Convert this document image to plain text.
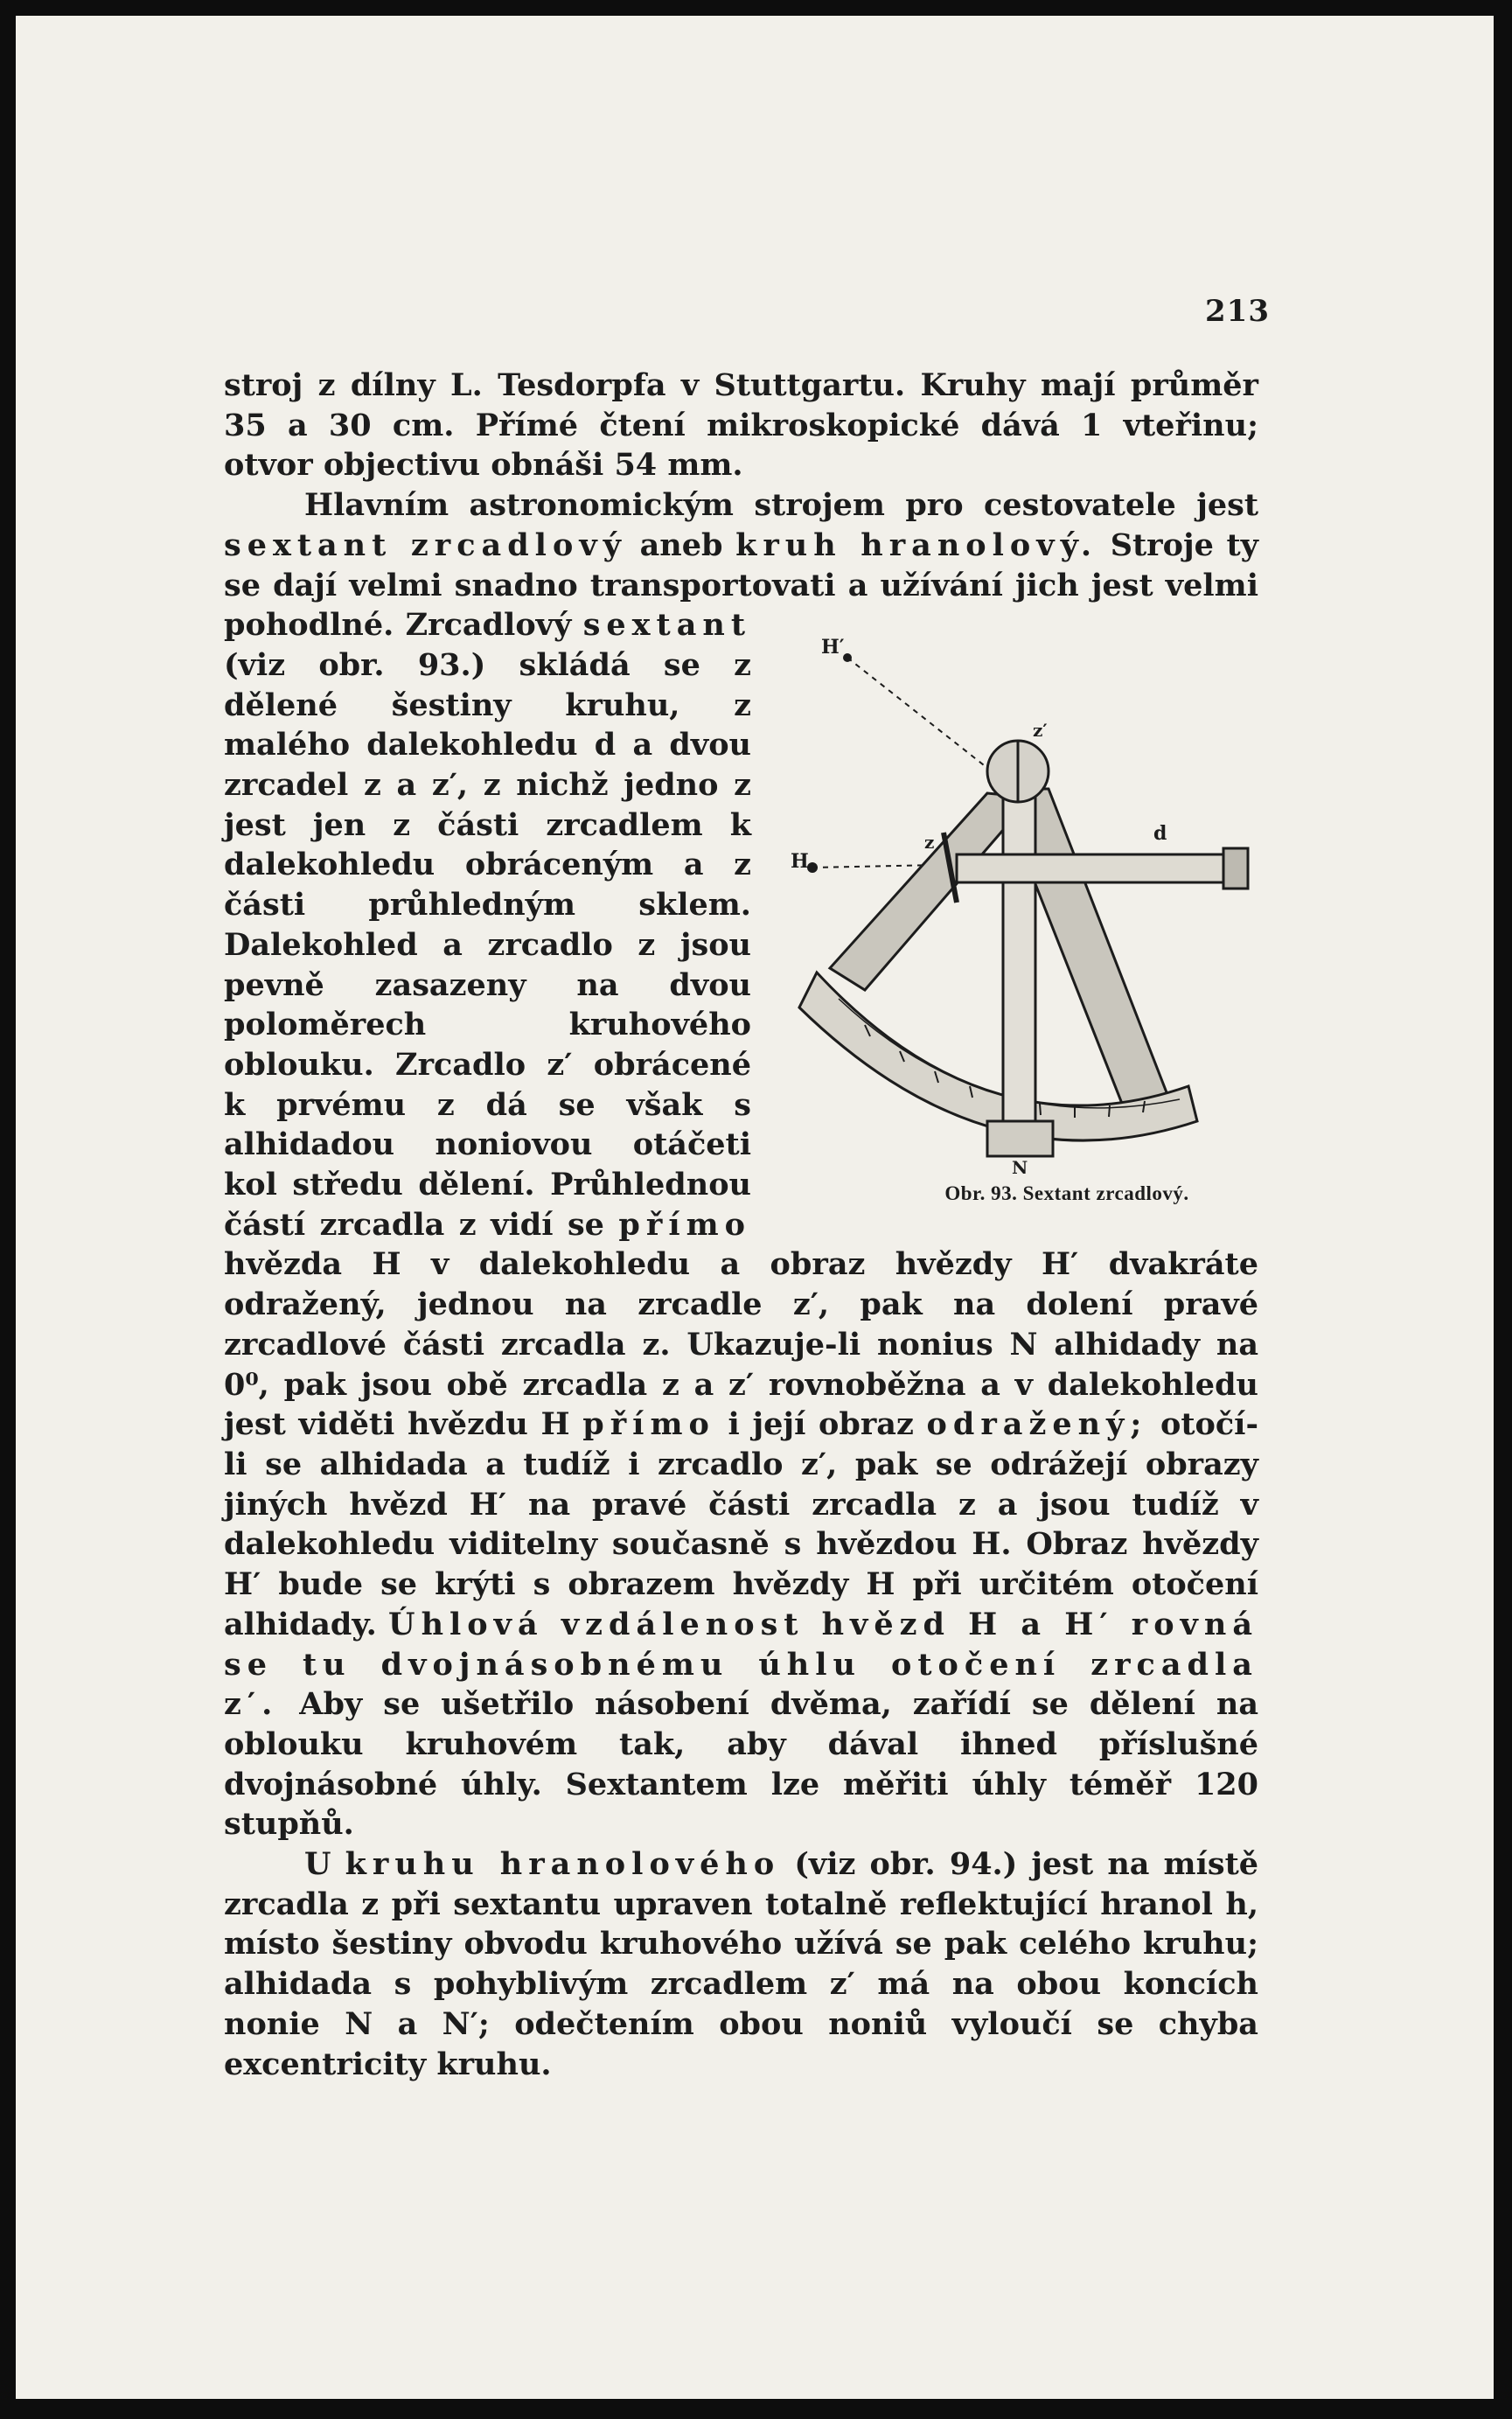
213

stroj z dílny L. Tesdorpfa v Stuttgartu. Kruhy mají průměr 35 a 30 cm. Přímé čtení mikroskopické dává 1 vteřinu; otvor objectivu obnáši 54 mm.

Hlavním astronomickým strojem pro cestovatele jest sextant zrcadlový aneb kruh hranolový. Stroje ty se dají velmi snadno transportovati a užívání jich jest velmi pohodlné. Zrcadlový sextant
H′
H
z′
z	d
N
Obr. 93. Sextant zrcadlový.
(viz obr. 93.) skládá se z dělené šestiny kruhu, z malého dalekohledu d a dvou zrcadel z a z′, z nichž jedno z jest jen z části zrcadlem k dalekohledu obráceným a z části průhledným sklem. Dalekohled a zrcadlo z jsou pevně zasazeny na dvou poloměrech kruhového oblouku. Zrcadlo z′ obrácené k prvému z dá se však s alhidadou noniovou otáčeti kol středu dělení. Průhlednou částí zrcadla z vidí se přímo hvězda H v dalekohledu a obraz hvězdy H′ dvakráte odražený, jednou na zrcadle z′, pak na dolení pravé zrcadlové části zrcadla z. Ukazuje-li nonius N alhidady na 0⁰, pak jsou obě zrcadla z a z′ rovnoběžna a v dalekohledu jest viděti hvězdu H přímo i její obraz odražený; otočí-li se alhidada a tudíž i zrcadlo z′, pak se odrážejí obrazy jiných hvězd H′ na pravé části zrcadla z a jsou tudíž v dalekohledu viditelny současně s hvězdou H. Obraz hvězdy H′ bude se krýti s obrazem hvězdy H při určitém otočení alhidady. Úhlová vzdálenost hvězd H a H′ rovná se tu dvojnásobnému úhlu otočení zrcadla z′. Aby se ušetřilo násobení dvěma, zařídí se dělení na oblouku kruhovém tak, aby dával ihned příslušné dvojnásobné úhly. Sextantem lze měřiti úhly téměř 120 stupňů.

U kruhu hranolového (viz obr. 94.) jest na místě zrcadla z při sextantu upraven totalně reflektující hranol h, místo šestiny obvodu kruhového užívá se pak celého kruhu; alhidada s pohyblivým zrcadlem z′ má na obou koncích nonie N a N′; odečtením obou noniů vyloučí se chyba excentricity kruhu.
